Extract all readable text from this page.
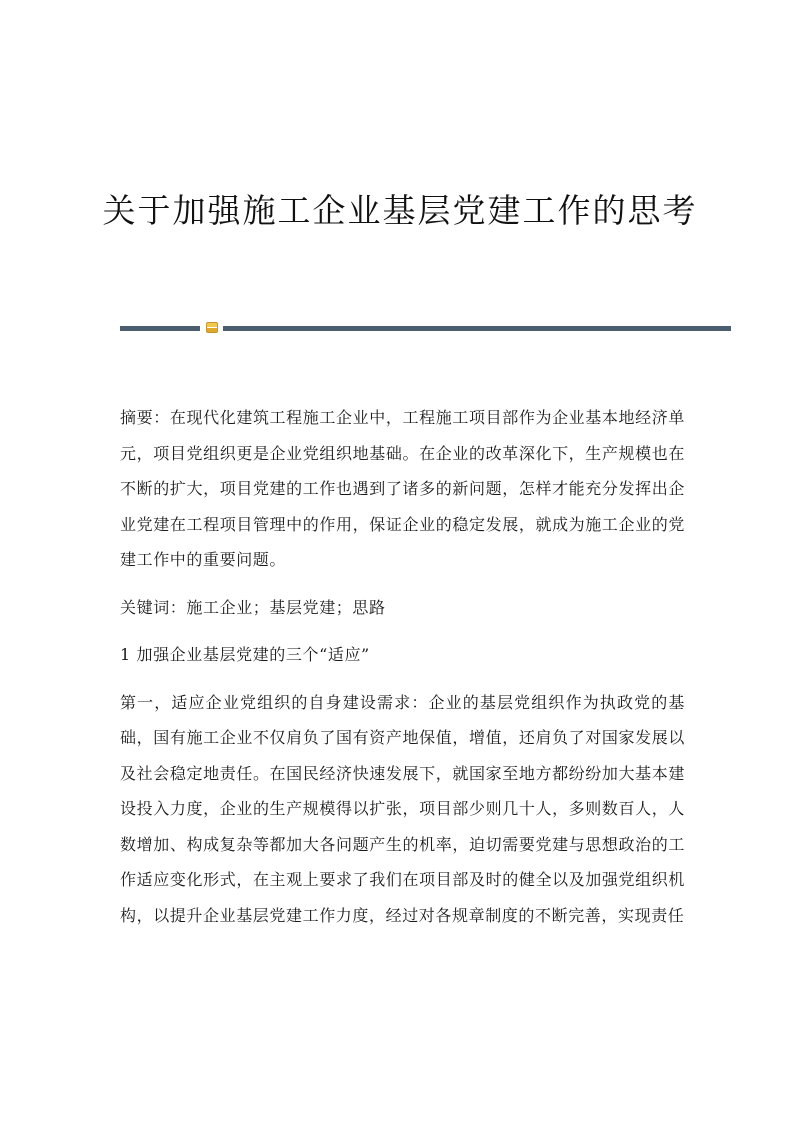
关于加强施工企业基层党建工作的思考

摘要：在现代化建筑工程施工企业中，工程施工项目部作为企业基本地经济单元，项目党组织更是企业党组织地基础。在企业的改革深化下，生产规模也在不断的扩大，项目党建的工作也遇到了诸多的新问题，怎样才能充分发挥出企业党建在工程项目管理中的作用，保证企业的稳定发展，就成为施工企业的党建工作中的重要问题。

关键词：施工企业；基层党建；思路

1 加强企业基层党建的三个“适应”

第一，适应企业党组织的自身建设需求：企业的基层党组织作为执政党的基础，国有施工企业不仅肩负了国有资产地保值，增值，还肩负了对国家发展以及社会稳定地责任。在国民经济快速发展下，就国家至地方都纷纷加大基本建设投入力度，企业的生产规模得以扩张，项目部少则几十人，多则数百人，人数增加、构成复杂等都加大各问题产生的机率，迫切需要党建与思想政治的工作适应变化形式，在主观上要求了我们在项目部及时的健全以及加强党组织机构，以提升企业基层党建工作力度，经过对各规章制度的不断完善，实现责任
